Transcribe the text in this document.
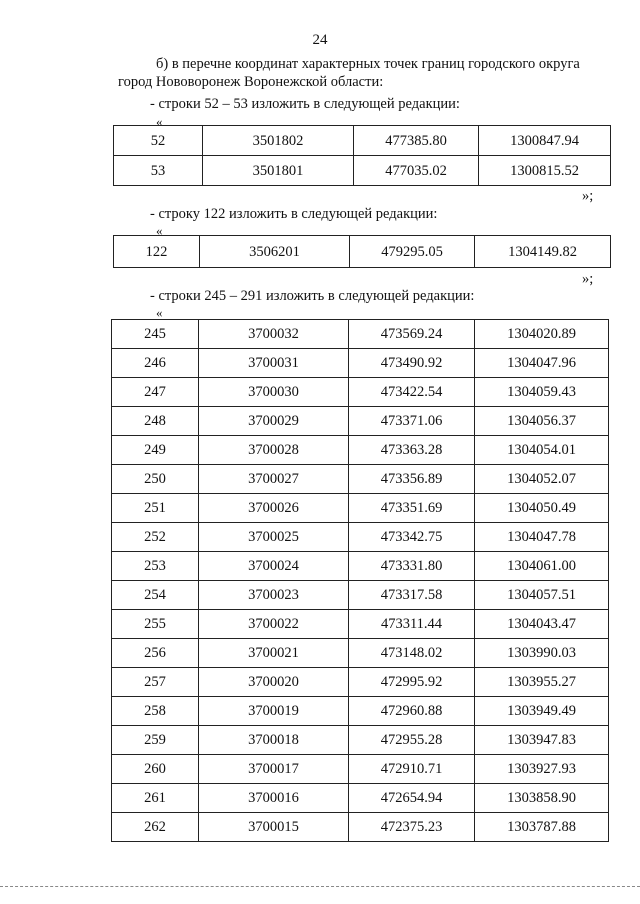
24
б) в перечне координат характерных точек границ городского округа
город Нововоронеж Воронежской области:
- строки 52 – 53 изложить в следующей редакции:
«
52	3501802	477385.80	1300847.94
53	3501801	477035.02	1300815.52
»;
- строку 122 изложить в следующей редакции:
«
122	3506201	479295.05	1304149.82
»;
- строки 245 – 291 изложить в следующей редакции:
«
245	3700032	473569.24	1304020.89
246	3700031	473490.92	1304047.96
247	3700030	473422.54	1304059.43
248	3700029	473371.06	1304056.37
249	3700028	473363.28	1304054.01
250	3700027	473356.89	1304052.07
251	3700026	473351.69	1304050.49
252	3700025	473342.75	1304047.78
253	3700024	473331.80	1304061.00
254	3700023	473317.58	1304057.51
255	3700022	473311.44	1304043.47
256	3700021	473148.02	1303990.03
257	3700020	472995.92	1303955.27
258	3700019	472960.88	1303949.49
259	3700018	472955.28	1303947.83
260	3700017	472910.71	1303927.93
261	3700016	472654.94	1303858.90
262	3700015	472375.23	1303787.88
